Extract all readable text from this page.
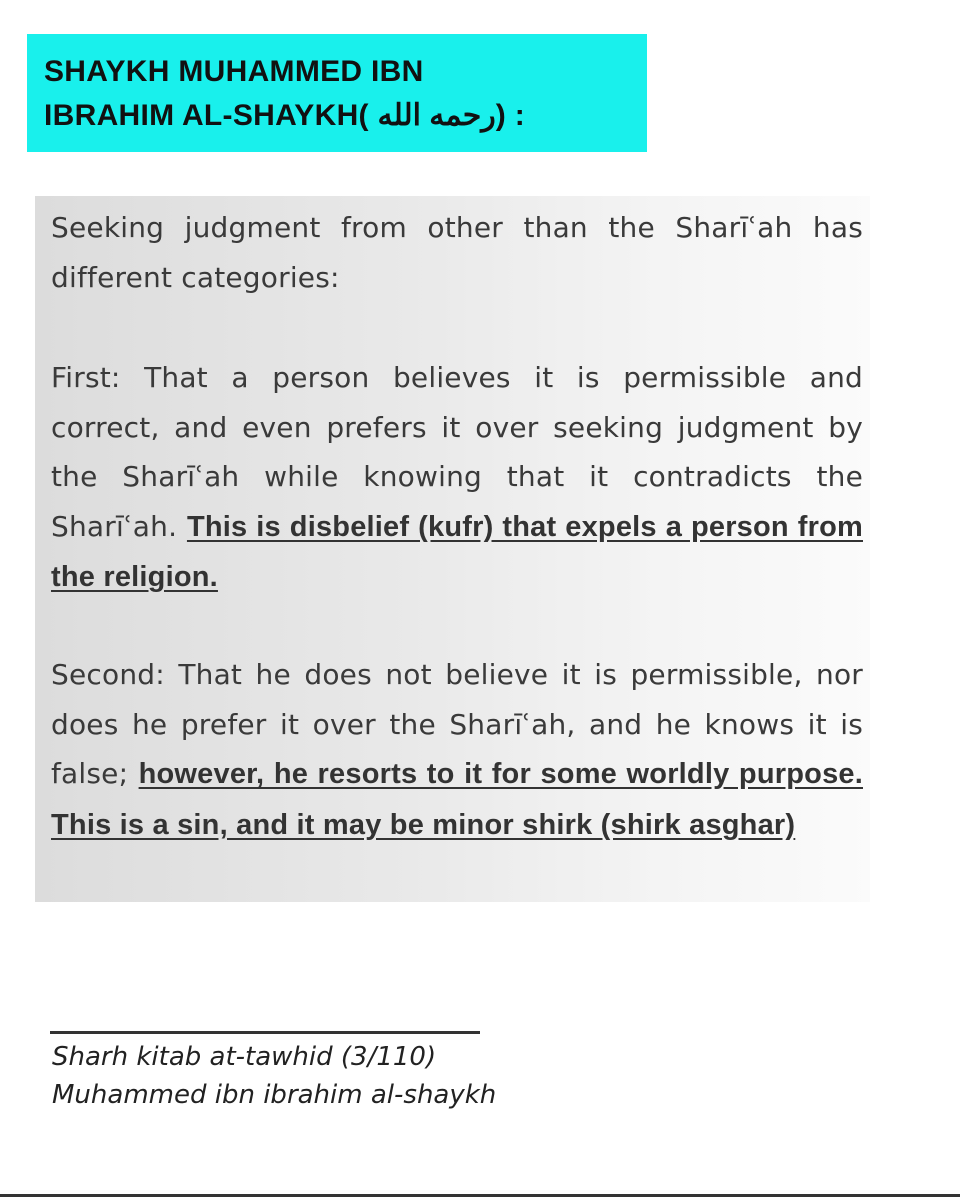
SHAYKH MUHAMMED IBN
IBRAHIM AL-SHAYKH( رحمه الله) :
Seeking judgment from other than the Sharīʿah has different categories:
First: That a person believes it is permissible and correct, and even prefers it over seeking judgment by the Sharīʿah while knowing that it contradicts the Sharīʿah. This is disbelief (kufr) that expels a person from the religion.
Second: That he does not believe it is permissible, nor does he prefer it over the Sharīʿah, and he knows it is false; however, he resorts to it for some worldly purpose. This is a sin, and it may be minor shirk (shirk asghar)
Sharh kitab at-tawhid (3/110)
Muhammed ibn ibrahim al-shaykh
